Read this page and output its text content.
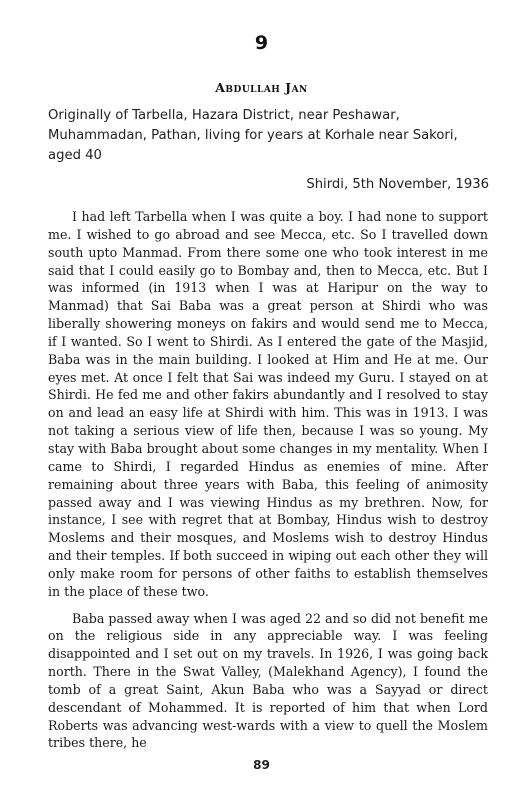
9
Abdullah Jan
Originally of Tarbella, Hazara District, near Peshawar, Muhammadan, Pathan, living for years at Korhale near Sakori, aged 40
Shirdi, 5th November, 1936

I had left Tarbella when I was quite a boy. I had none to support me. I wished to go abroad and see Mecca, etc. So I travelled down south upto Manmad. From there some one who took interest in me said that I could easily go to Bombay and, then to Mecca, etc. But I was informed (in 1913 when I was at Haripur on the way to Manmad) that Sai Baba was a great person at Shirdi who was liberally showering moneys on fakirs and would send me to Mecca, if I wanted. So I went to Shirdi. As I entered the gate of the Masjid, Baba was in the main building. I looked at Him and He at me. Our eyes met. At once I felt that Sai was indeed my Guru. I stayed on at Shirdi. He fed me and other fakirs abundantly and I resolved to stay on and lead an easy life at Shirdi with him. This was in 1913. I was not taking a serious view of life then, because I was so young. My stay with Baba brought about some changes in my mentality. When I came to Shirdi, I regarded Hindus as enemies of mine. After remaining about three years with Baba, this feeling of animosity passed away and I was viewing Hindus as my brethren. Now, for instance, I see with regret that at Bombay, Hindus wish to destroy Moslems and their mosques, and Moslems wish to destroy Hindus and their temples. If both succeed in wiping out each other they will only make room for persons of other faiths to establish themselves in the place of these two.

Baba passed away when I was aged 22 and so did not benefit me on the religious side in any appreciable way. I was feeling disappointed and I set out on my travels. In 1926, I was going back north. There in the Swat Valley, (Malekhand Agency), I found the tomb of a great Saint, Akun Baba who was a Sayyad or direct descendant of Mohammed. It is reported of him that when Lord Roberts was advancing west-wards with a view to quell the Moslem tribes there, he

89
